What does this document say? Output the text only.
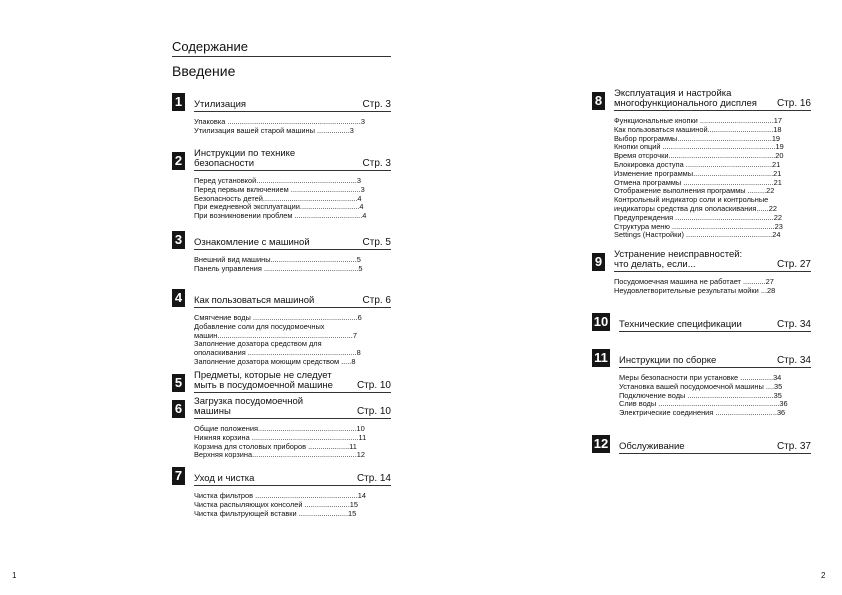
Содержание
Введение
1	Утилизация	Стр. 3
Упаковка .................................................................3
Утилизация вашей старой машины ................3
2	Инструкции по технике
безопасности	Стр. 3
Перед установкой.................................................3
Перед первым включением ..................................3
Безопасность детей..............................................4
При ежедневной эксплуатации.............................4
При возникновении проблем .................................4
3	Ознакомление с машиной	Стр. 5
Внешний вид машины..........................................5
Панель управления ..............................................5
4	Как пользоваться машиной	Стр. 6
Смягчение воды ...................................................6
Добавление соли для посудомоечных
машин..................................................................7
Заполнение дозатора средством для
ополаскивания .....................................................8
Заполнение дозатора моющим средством .....8
5	Предметы, которые не следует
мыть в посудомоечной машине Стр. 10
6	Загрузка посудомоечной
машины	Стр. 10
Общие положения................................................10
Нижняя корзина ....................................................11
Корзина для столовых приборов ....................11
Верхняя корзина...................................................12
7	Уход и чистка	Стр. 14
Чистка фильтров ..................................................14
Чистка распыляющих консолей ......................15
Чистка фильтрующей вставки ........................15
8	Эксплуатация и настройка
многофункционального дисплея Стр. 16
Функциональные кнопки ....................................17
Как пользоваться машиной................................18
Выбор программы..............................................19
Кнопки опций .......................................................19
Время отсрочки....................................................20
Блокировка доступа ..........................................21
Изменение программы.......................................21
Отмена программы ............................................21
Отображение выполнения программы .........22
Контрольный индикатор соли и контрольные
индикаторы средства для ополаскивания......22
Предупреждения ................................................22
Структура меню ..................................................23
Settings (Настройки) ..........................................24
9	Устранение неисправностей:
что делать, если...	Стр. 27
Посудомоечная машина не работает ...........27
Неудовлетворительные результаты мойки ...28
10 Технические спецификации	Стр. 34
11 Инструкции по сборке	Стр. 34
Меры безопасности при установке ................34
Установка вашей посудомоечной машины ....35
Подключение воды ..........................................35
Слив воды ...........................................................36
Электрические соединения ..............................36
12 Обслуживание	Стр. 37
1	2
